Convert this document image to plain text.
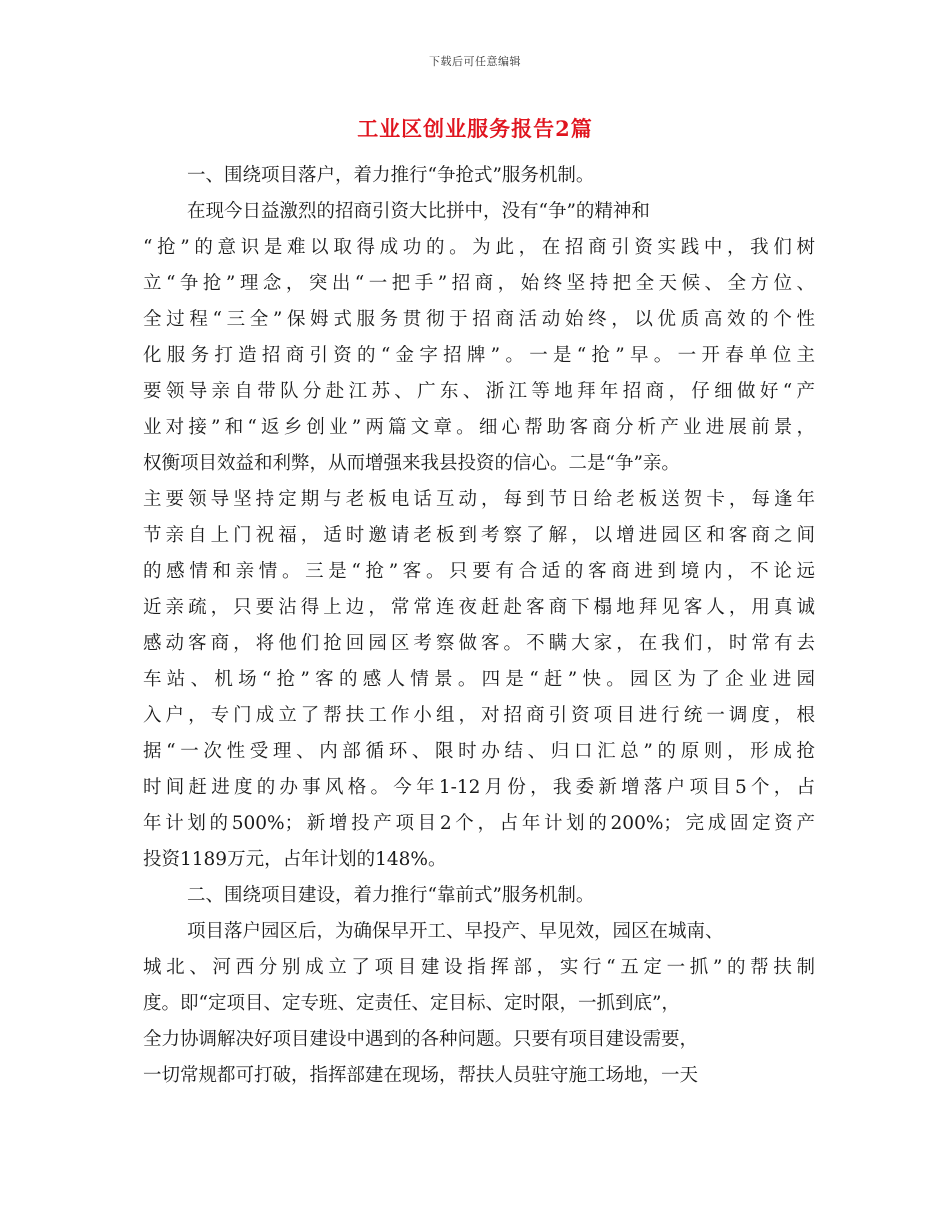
下载后可任意编辑
工业区创业服务报告2篇
一、围绕项目落户，着力推行“争抢式”服务机制。
在现今日益激烈的招商引资大比拼中，没有“争”的精神和
“抢”的意识是难以取得成功的。为此，在招商引资实践中，我们树
立“争抢”理念，突出“一把手”招商，始终坚持把全天候、全方位、
全过程“三全”保姆式服务贯彻于招商活动始终，以优质高效的个性
化服务打造招商引资的“金字招牌”。一是“抢”早。一开春单位主
要领导亲自带队分赴江苏、广东、浙江等地拜年招商，仔细做好“产
业对接”和“返乡创业”两篇文章。细心帮助客商分析产业进展前景，
权衡项目效益和利弊，从而增强来我县投资的信心。二是“争”亲。
主要领导坚持定期与老板电话互动，每到节日给老板送贺卡，每逢年
节亲自上门祝福，适时邀请老板到考察了解，以增进园区和客商之间
的感情和亲情。三是“抢”客。只要有合适的客商进到境内，不论远
近亲疏，只要沾得上边，常常连夜赶赴客商下榻地拜见客人，用真诚
感动客商，将他们抢回园区考察做客。不瞒大家，在我们，时常有去
车站、机场“抢”客的感人情景。四是“赶”快。园区为了企业进园
入户，专门成立了帮扶工作小组，对招商引资项目进行统一调度，根
据“一次性受理、内部循环、限时办结、归口汇总”的原则，形成抢
时间赶进度的办事风格。今年1-12月份，我委新增落户项目5个，占
年计划的500%；新增投产项目2个，占年计划的200%；完成固定资产
投资1189万元，占年计划的148%。
二、围绕项目建设，着力推行“靠前式”服务机制。
项目落户园区后，为确保早开工、早投产、早见效，园区在城南、
城北、河西分别成立了项目建设指挥部，实行“五定一抓”的帮扶制
度。即“定项目、定专班、定责任、定目标、定时限，一抓到底”，
全力协调解决好项目建设中遇到的各种问题。只要有项目建设需要，
一切常规都可打破，指挥部建在现场，帮扶人员驻守施工场地，一天
